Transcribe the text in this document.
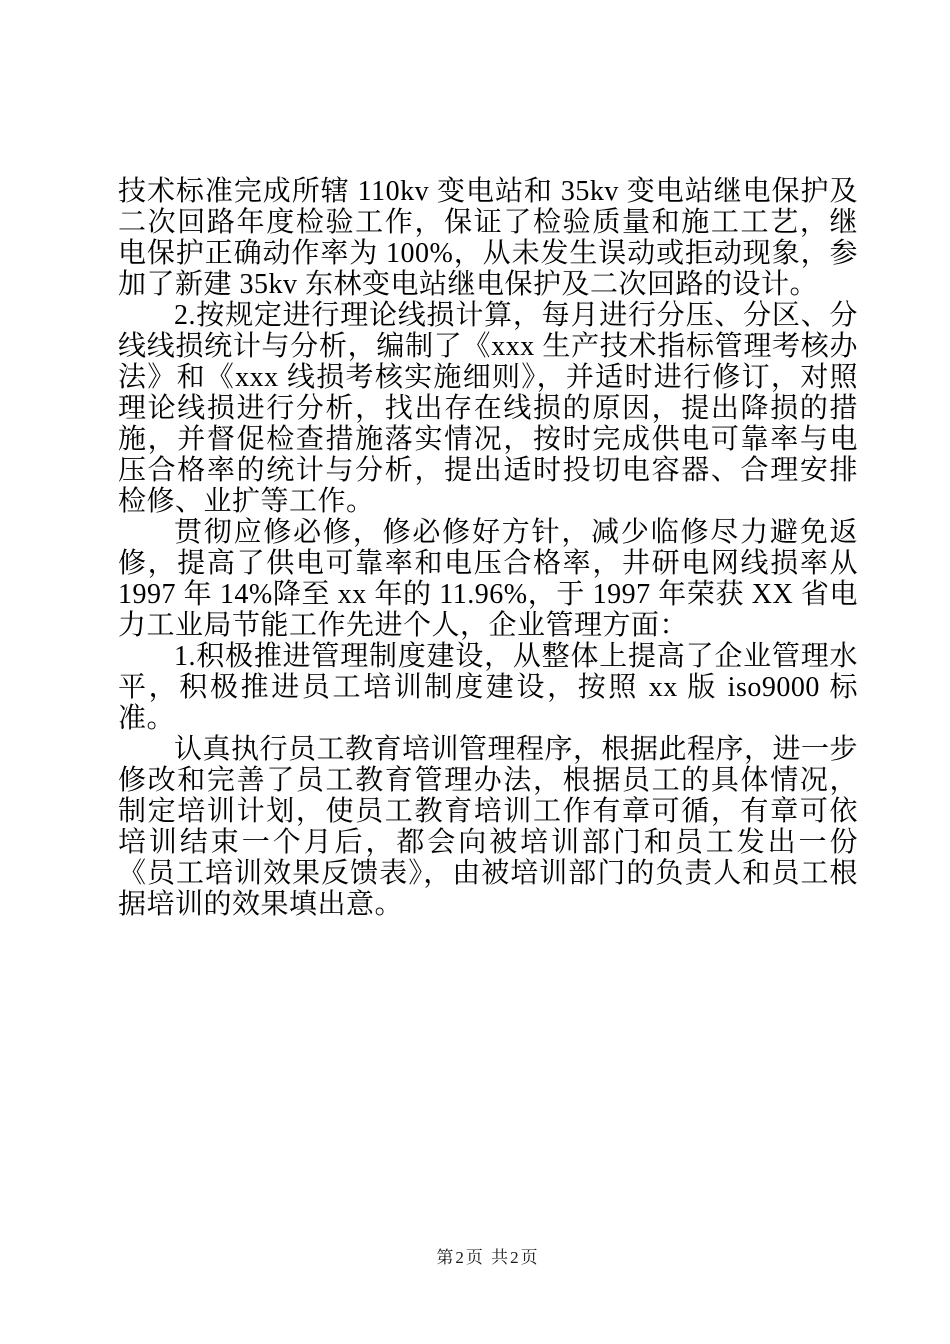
技术标准完成所辖 110kv 变电站和 35kv 变电站继电保护及二次回路年度检验工作，保证了检验质量和施工工艺，继电保护正确动作率为 100%，从未发生误动或拒动现象，参加了新建 35kv 东林变电站继电保护及二次回路的设计。

2.按规定进行理论线损计算，每月进行分压、分区、分线线损统计与分析，编制了《xxx 生产技术指标管理考核办法》和《xxx 线损考核实施细则》，并适时进行修订，对照理论线损进行分析，找出存在线损的原因，提出降损的措施，并督促检查措施落实情况，按时完成供电可靠率与电压合格率的统计与分析，提出适时投切电容器、合理安排检修、业扩等工作。

贯彻应修必修，修必修好方针，减少临修尽力避免返修，提高了供电可靠率和电压合格率，井研电网线损率从 1997 年 14%降至 xx 年的 11.96%，于 1997 年荣获 XX 省电力工业局节能工作先进个人，企业管理方面：

1.积极推进管理制度建设，从整体上提高了企业管理水平，积极推进员工培训制度建设，按照 xx 版 iso9000 标准。

认真执行员工教育培训管理程序，根据此程序，进一步修改和完善了员工教育管理办法，根据员工的具体情况，制定培训计划，使员工教育培训工作有章可循，有章可依培训结束一个月后，都会向被培训部门和员工发出一份《员工培训效果反馈表》，由被培训部门的负责人和员工根据培训的效果填出意。

第2页 共2页
